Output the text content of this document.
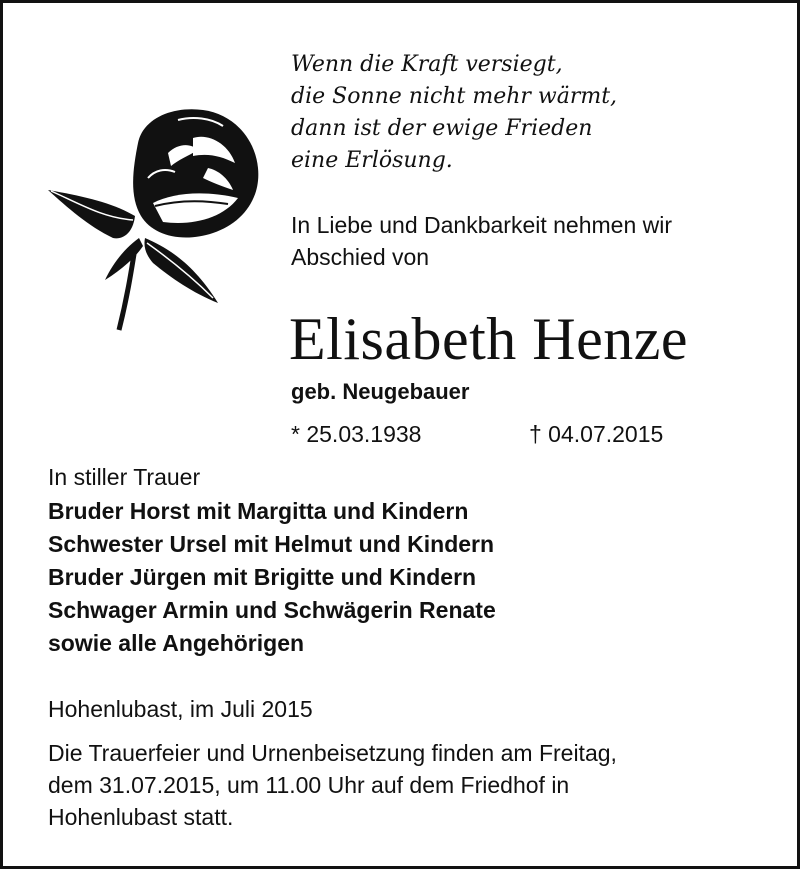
Wenn die Kraft versiegt,
die Sonne nicht mehr wärmt,
dann ist der ewige Frieden
eine Erlösung.
In Liebe und Dankbarkeit nehmen wir
Abschied von
Elisabeth Henze
geb. Neugebauer
* 25.03.1938	† 04.07.2015
In stiller Trauer
Bruder Horst mit Margitta und Kindern
Schwester Ursel mit Helmut und Kindern
Bruder Jürgen mit Brigitte und Kindern
Schwager Armin und Schwägerin Renate
sowie alle Angehörigen
Hohenlubast, im Juli 2015
Die Trauerfeier und Urnenbeisetzung finden am Freitag,
dem 31.07.2015, um 11.00 Uhr auf dem Friedhof in
Hohenlubast statt.
